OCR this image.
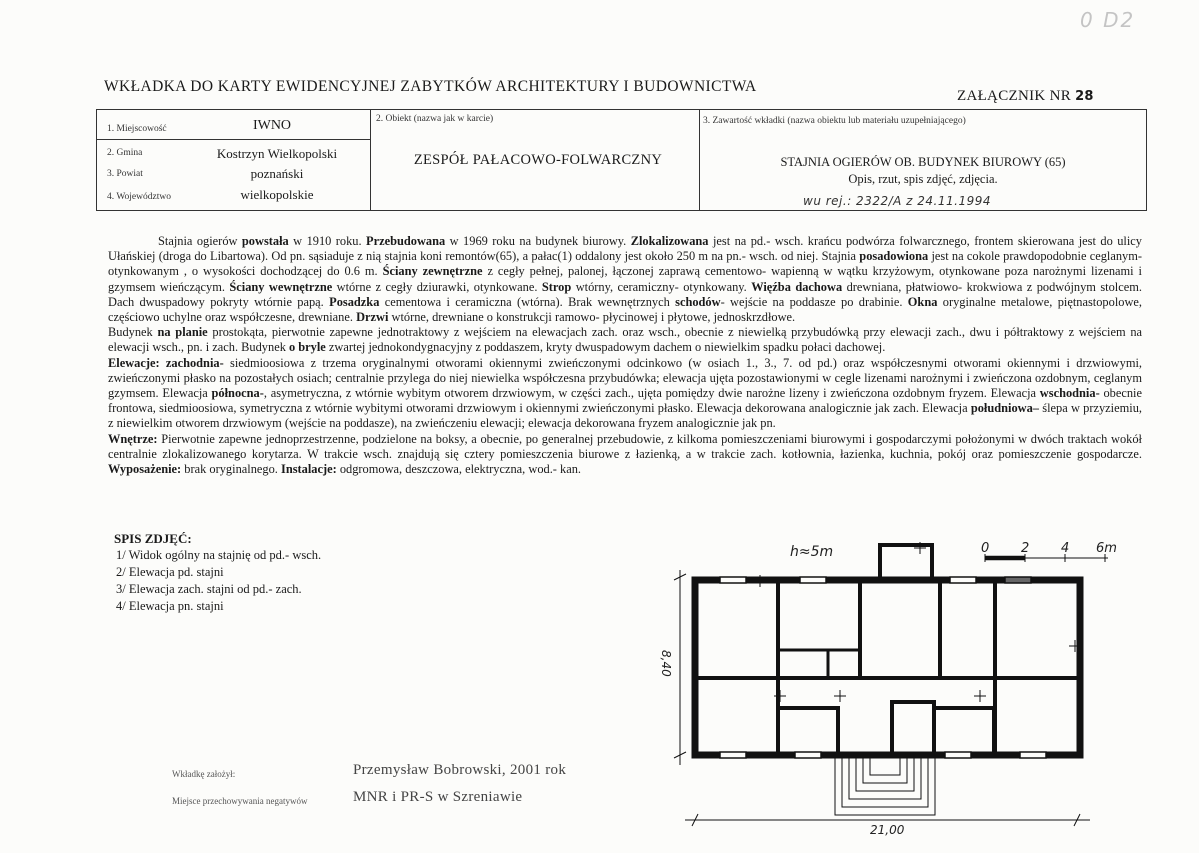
0 D2
WKŁADKA DO KARTY EWIDENCYJNEJ ZABYTKÓW ARCHITEKTURY I BUDOWNICTWA
ZAŁĄCZNIK NR 28
1. Miejscowość	IWNO
2. Gmina	Kostrzyn Wielkopolski
3. Powiat	poznański
4. Województwo	wielkopolskie
2. Obiekt (nazwa jak w karcie)
ZESPÓŁ PAŁACOWO-FOLWARCZNY
3. Zawartość wkładki (nazwa obiektu lub materiału uzupełniającego)
STAJNIA OGIERÓW OB. BUDYNEK BIUROWY (65)
Opis, rzut, spis zdjęć, zdjęcia.
wu rej.: 2322/A z 24.11.1994

Stajnia ogierów powstała w 1910 roku. Przebudowana w 1969 roku na budynek biurowy. Zlokalizowana jest na pd.- wsch. krańcu podwórza folwarcznego, frontem skierowana jest do ulicy Ułańskiej (droga do Libartowa). Od pn. sąsiaduje z nią stajnia koni remontów(65), a pałac(1) oddalony jest około 250 m na pn.- wsch. od niej. Stajnia posadowiona jest na cokole prawdopodobnie ceglanym- otynkowanym , o wysokości dochodzącej do 0.6 m. Ściany zewnętrzne z cegły pełnej, palonej, łączonej zaprawą cementowo- wapienną w wątku krzyżowym, otynkowane poza narożnymi lizenami i gzymsem wieńczącym. Ściany wewnętrzne wtórne z cegły dziurawki, otynkowane. Strop wtórny, ceramiczny- otynkowany. Więźba dachowa drewniana, płatwiowo- krokwiowa z podwójnym stolcem. Dach dwuspadowy pokryty wtórnie papą. Posadzka cementowa i ceramiczna (wtórna). Brak wewnętrznych schodów- wejście na poddasze po drabinie. Okna oryginalne metalowe, piętnastopolowe, częściowo uchylne oraz współczesne, drewniane. Drzwi wtórne, drewniane o konstrukcji ramowo- płycinowej i płytowe, jednoskrzdłowe.

Budynek na planie prostokąta, pierwotnie zapewne jednotraktowy z wejściem na elewacjach zach. oraz wsch., obecnie z niewielką przybudówką przy elewacji zach., dwu i półtraktowy z wejściem na elewacji wsch., pn. i zach. Budynek o bryle zwartej jednokondygnacyjny z poddaszem, kryty dwuspadowym dachem o niewielkim spadku połaci dachowej.

Elewacje: zachodnia- siedmioosiowa z trzema oryginalnymi otworami okiennymi zwieńczonymi odcinkowo (w osiach 1., 3., 7. od pd.) oraz współczesnymi otworami okiennymi i drzwiowymi, zwieńczonymi płasko na pozostałych osiach; centralnie przylega do niej niewielka współczesna przybudówka; elewacja ujęta pozostawionymi w cegle lizenami narożnymi i zwieńczona ozdobnym, ceglanym gzymsem. Elewacja północna-, asymetryczna, z wtórnie wybitym otworem drzwiowym, w części zach., ujęta pomiędzy dwie narożne lizeny i zwieńczona ozdobnym fryzem. Elewacja wschodnia- obecnie frontowa, siedmioosiowa, symetryczna z wtórnie wybitymi otworami drzwiowym i okiennymi zwieńczonymi płasko. Elewacja dekorowana analogicznie jak zach. Elewacja południowa– ślepa w przyziemiu, z niewielkim otworem drzwiowym (wejście na poddasze), na zwieńczeniu elewacji; elewacja dekorowana fryzem analogicznie jak pn.

Wnętrze: Pierwotnie zapewne jednoprzestrzenne, podzielone na boksy, a obecnie, po generalnej przebudowie, z kilkoma pomieszczeniami biurowymi i gospodarczymi położonymi w dwóch traktach wokół centralnie zlokalizowanego korytarza. W trakcie wsch. znajdują się cztery pomieszczenia biurowe z łazienką, a w trakcie zach. kotłownia, łazienka, kuchnia, pokój oraz pomieszczenie gospodarcze. Wyposażenie: brak oryginalnego. Instalacje: odgromowa, deszczowa, elektryczna, wod.- kan.

SPIS ZDJĘĆ:
1/ Widok ogólny na stajnię od pd.- wsch.
2/ Elewacja pd. stajni
3/ Elewacja zach. stajni od pd.- zach.
4/ Elewacja pn. stajni
h≈5m	0 2 4 6m
21,00
8,40
Wkładkę założył:	Przemysław Bobrowski, 2001 rok
Miejsce przechowywania negatywów	MNR i PR-S w Szreniawie
